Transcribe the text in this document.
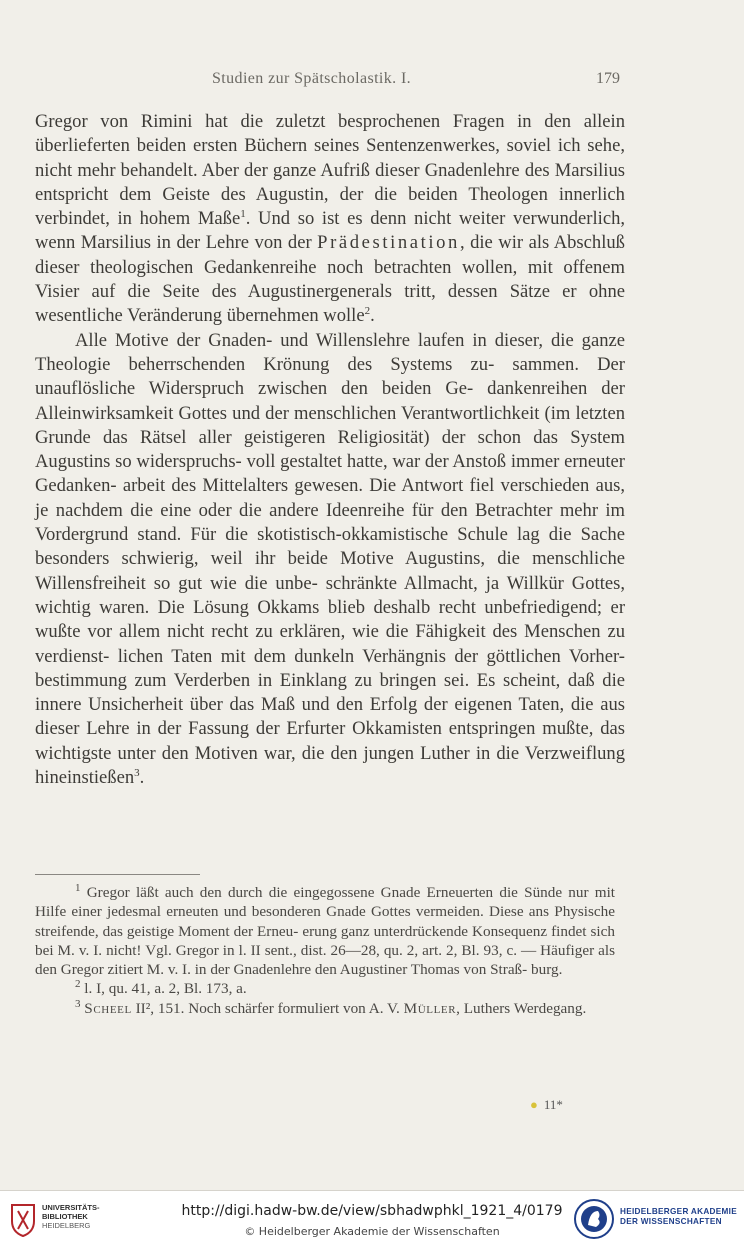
Studien zur Spätscholastik. I.	179

Gregor von Rimini hat die zuletzt besprochenen Fragen in den allein überlieferten beiden ersten Büchern seines Sentenzenwerkes, soviel ich sehe, nicht mehr behandelt. Aber der ganze Aufriß dieser Gnadenlehre des Marsilius entspricht dem Geiste des Augustin, der die beiden Theologen innerlich verbindet, in hohem Maße$^1$. Und so ist es denn nicht weiter verwunderlich, wenn Marsilius in der Lehre von der Prädestination, die wir als Abschluß dieser theologischen Gedankenreihe noch betrachten wollen, mit offenem Visier auf die Seite des Augustinergenerals tritt, dessen Sätze er ohne wesentliche Veränderung übernehmen wolle$^2$.

Alle Motive der Gnaden- und Willenslehre laufen in dieser, die ganze Theologie beherrschenden Krönung des Systems zu- sammen. Der unauflösliche Widerspruch zwischen den beiden Ge- dankenreihen der Alleinwirksamkeit Gottes und der menschlichen Verantwortlichkeit (im letzten Grunde das Rätsel aller geistigeren Religiosität) der schon das System Augustins so widerspruchs- voll gestaltet hatte, war der Anstoß immer erneuter Gedanken- arbeit des Mittelalters gewesen. Die Antwort fiel verschieden aus, je nachdem die eine oder die andere Ideenreihe für den Betrachter mehr im Vordergrund stand. Für die skotistisch-okkamistische Schule lag die Sache besonders schwierig, weil ihr beide Motive Augustins, die menschliche Willensfreiheit so gut wie die unbe- schränkte Allmacht, ja Willkür Gottes, wichtig waren. Die Lösung Okkams blieb deshalb recht unbefriedigend; er wußte vor allem nicht recht zu erklären, wie die Fähigkeit des Menschen zu verdienst- lichen Taten mit dem dunkeln Verhängnis der göttlichen Vorher- bestimmung zum Verderben in Einklang zu bringen sei. Es scheint, daß die innere Unsicherheit über das Maß und den Erfolg der eigenen Taten, die aus dieser Lehre in der Fassung der Erfurter Okkamisten entspringen mußte, das wichtigste unter den Motiven war, die den jungen Luther in die Verzweiflung hineinstießen$^3$.

$^1$ Gregor läßt auch den durch die eingegossene Gnade Erneuerten die Sünde nur mit Hilfe einer jedesmal erneuten und besonderen Gnade Gottes vermeiden. Diese ans Physische streifende, das geistige Moment der Erneu- erung ganz unterdrückende Konsequenz findet sich bei M. v. I. nicht! Vgl. Gregor in l. II sent., dist. 26—28, qu. 2, art. 2, Bl. 93, c. — Häufiger als den Gregor zitiert M. v. I. in der Gnadenlehre den Augustiner Thomas von Straß- burg.

$^2$ l. I, qu. 41, a. 2, Bl. 173, a.

$^3$ Scheel II², 151. Noch schärfer formuliert von A. V. Müller, Luthers Werdegang.

● 11*
UNIVERSITÄTS-
BIBLIOTHEK
HEIDELBERG
http://digi.hadw-bw.de/view/sbhadwphkl_1921_4/0179
© Heidelberger Akademie der Wissenschaften
HEIDELBERGER AKADEMIE
DER WISSENSCHAFTEN
